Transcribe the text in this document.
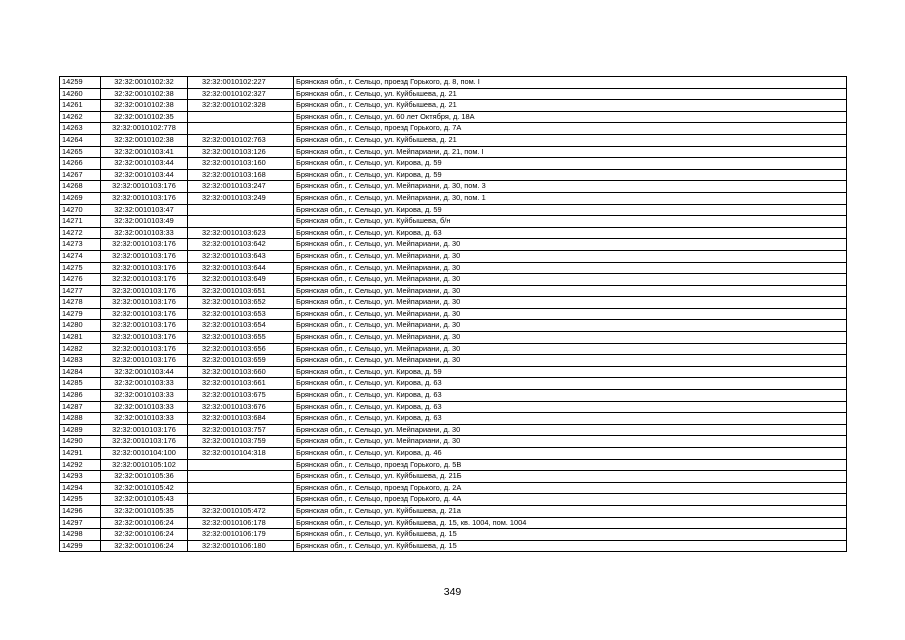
14259	32:32:0010102:32	32:32:0010102:227	Брянская обл., г. Сельцо, проезд Горького, д. 8, пом. I
14260	32:32:0010102:38	32:32:0010102:327	Брянская обл., г. Сельцо, ул. Куйбышева, д. 21
14261	32:32:0010102:38	32:32:0010102:328	Брянская обл., г. Сельцо, ул. Куйбышева, д. 21
14262	32:32:0010102:35		Брянская обл., г. Сельцо, ул. 60 лет Октября, д. 18А
14263	32:32:0010102:778		Брянская обл., г. Сельцо, проезд Горького, д. 7А
14264	32:32:0010102:38	32:32:0010102:763	Брянская обл., г. Сельцо, ул. Куйбышева, д. 21
14265	32:32:0010103:41	32:32:0010103:126	Брянская обл., г. Сельцо, ул. Мейпариани, д. 21, пом. I
14266	32:32:0010103:44	32:32:0010103:160	Брянская обл., г. Сельцо, ул. Кирова, д. 59
14267	32:32:0010103:44	32:32:0010103:168	Брянская обл., г. Сельцо, ул. Кирова, д. 59
14268	32:32:0010103:176	32:32:0010103:247	Брянская обл., г. Сельцо, ул. Мейпариани, д. 30, пом. 3
14269	32:32:0010103:176	32:32:0010103:249	Брянская обл., г. Сельцо, ул. Мейпариани, д. 30, пом. 1
14270	32:32:0010103:47		Брянская обл., г. Сельцо, ул. Кирова, д. 59
14271	32:32:0010103:49		Брянская обл., г. Сельцо, ул. Куйбышева, б/н
14272	32:32:0010103:33	32:32:0010103:623	Брянская обл., г. Сельцо, ул. Кирова, д. 63
14273	32:32:0010103:176	32:32:0010103:642	Брянская обл., г. Сельцо, ул. Мейпариани, д. 30
14274	32:32:0010103:176	32:32:0010103:643	Брянская обл., г. Сельцо, ул. Мейпариани, д. 30
14275	32:32:0010103:176	32:32:0010103:644	Брянская обл., г. Сельцо, ул. Мейпариани, д. 30
14276	32:32:0010103:176	32:32:0010103:649	Брянская обл., г. Сельцо, ул. Мейпариани, д. 30
14277	32:32:0010103:176	32:32:0010103:651	Брянская обл., г. Сельцо, ул. Мейпариани, д. 30
14278	32:32:0010103:176	32:32:0010103:652	Брянская обл., г. Сельцо, ул. Мейпариани, д. 30
14279	32:32:0010103:176	32:32:0010103:653	Брянская обл., г. Сельцо, ул. Мейпариани, д. 30
14280	32:32:0010103:176	32:32:0010103:654	Брянская обл., г. Сельцо, ул. Мейпариани, д. 30
14281	32:32:0010103:176	32:32:0010103:655	Брянская обл., г. Сельцо, ул. Мейпариани, д. 30
14282	32:32:0010103:176	32:32:0010103:656	Брянская обл., г. Сельцо, ул. Мейпариани, д. 30
14283	32:32:0010103:176	32:32:0010103:659	Брянская обл., г. Сельцо, ул. Мейпариани, д. 30
14284	32:32:0010103:44	32:32:0010103:660	Брянская обл., г. Сельцо, ул. Кирова, д. 59
14285	32:32:0010103:33	32:32:0010103:661	Брянская обл., г. Сельцо, ул. Кирова, д. 63
14286	32:32:0010103:33	32:32:0010103:675	Брянская обл., г. Сельцо, ул. Кирова, д. 63
14287	32:32:0010103:33	32:32:0010103:676	Брянская обл., г. Сельцо, ул. Кирова, д. 63
14288	32:32:0010103:33	32:32:0010103:684	Брянская обл., г. Сельцо, ул. Кирова, д. 63
14289	32:32:0010103:176	32:32:0010103:757	Брянская обл., г. Сельцо, ул. Мейпариани, д. 30
14290	32:32:0010103:176	32:32:0010103:759	Брянская обл., г. Сельцо, ул. Мейпариани, д. 30
14291	32:32:0010104:100	32:32:0010104:318	Брянская обл., г. Сельцо, ул. Кирова, д. 46
14292	32:32:0010105:102		Брянская обл., г. Сельцо, проезд Горького, д. 5В
14293	32:32:0010105:36		Брянская обл., г. Сельцо, ул. Куйбышева, д. 21Б
14294	32:32:0010105:42		Брянская обл., г. Сельцо, проезд Горького, д. 2А
14295	32:32:0010105:43		Брянская обл., г. Сельцо, проезд Горького, д. 4А
14296	32:32:0010105:35	32:32:0010105:472	Брянская обл., г. Сельцо, ул. Куйбышева, д. 21а
14297	32:32:0010106:24	32:32:0010106:178	Брянская обл., г. Сельцо, ул. Куйбышева, д. 15, кв. 1004, пом. 1004
14298	32:32:0010106:24	32:32:0010106:179	Брянская обл., г. Сельцо, ул. Куйбышева, д. 15
14299	32:32:0010106:24	32:32:0010106:180	Брянская обл., г. Сельцо, ул. Куйбышева, д. 15
349
